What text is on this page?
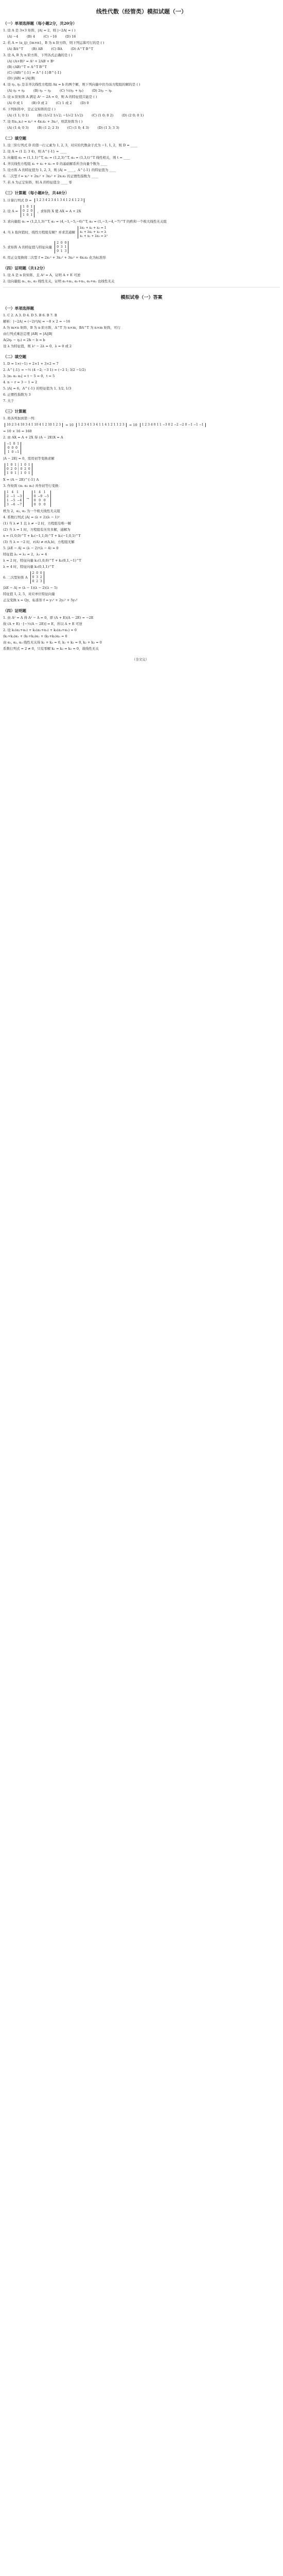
线性代数（经管类）模拟试题（一）
（一）单项选择题（每小题2分，共20分）
1. 设 A 是 3×3 矩阵，|A| = 2，则 |−2A| = ( )
(A) −4        (B) 4        (C) −16        (D) 16
2. 若 A = (a_ij)_{m×n}，B 为 n 阶方阵，则下列运算可行的是 ( )
(A) BA^T        (B) AB        (C) BA        (D) A^T B^T
3. 设 A, B 为 n 阶方阵，下列各式正确的是 ( )
(A) (A+B)² = A² + 2AB + B²
(B) (AB)^T = A^T B^T
(C) (AB)^{-1} = A^{-1}B^{-1}
(D) |AB| = |A||B|
4. 设 η₁, η₂ 是非齐次线性方程组 Ax = b 的两个解，则下列向量中仍为该方程组的解的是 ( )
(A) η₁ + η₂        (B) η₁ − η₂        (C) ½(η₁ + η₂)        (D) 2η₁ − η₂
5. 设 n 阶矩阵 A 满足 A² − 2A = 0，则 A 的特征值只能是 ( )
(A) 0 或 1        (B) 0 或 2        (C) 1 或 2        (D) 0
6. 下列矩阵中，是正交矩阵的是 ( )
(A) (1 1; 0 1)        (B) (1/√2 1/√2; −1/√2 1/√2)        (C) (1 0; 0 2)        (D) (2 0; 0 1)
7. 设 f(x₁,x₂) = x₁² + 4x₁x₂ + 3x₂²，则其矩阵为 ( )
(A) (1 4; 0 3)        (B) (1 2; 2 3)        (C) (1 0; 4 3)        (D) (1 3; 3 3)
（二）填空题
1. 设三阶行列式 D 的第一行元素为 1, 2, 3，对应的代数余子式为 −1, 1, 2，则 D = ____
2. 设 A = (1 2; 3 4)，则 A^{-1} = ____
3. 向量组 α₁ = (1,1,1)^T, α₂ = (1,2,3)^T, α₃ = (1,3,t)^T 线性相关，则 t = ____
4. 齐次线性方程组 x₁ + x₂ + x₃ = 0 的基础解系所含向量个数为 ____
5. 设方阵 A 的特征值为 1, 2, 3，则 |A| = ____，A^{-1} 的特征值为 ____
6. 二次型 f = x₁² + 2x₂² + 3x₃² + 2x₁x₂ 的正惯性指数为 ____
7. 若 A 为正定矩阵，则 A 的特征值全 ____ 零
（三）计算题（每小题8分，共48分）
1. 计算行列式 D = 1 2 3 4 2 3 4 1 3 4 1 2 4 1 2 3
2. 设 A =
1  0  1
0  2  0
1  0  1
，求矩阵 X 使 AX = A + 2X
3. 求向量组 α₁ = (1,2,1,3)^T, α₂ = (4,−1,−5,−6)^T, α₃ = (1,−3,−4,−7)^T 的秩和一个极大线性无关组
4. 当 λ 取何值时，线性方程组有解？并求其通解
λx₁ + x₂ + x₃ = 1
x₁ + λx₂ + x₃ = λ
x₁ + x₂ + λx₃ = λ²
5. 求矩阵 A 的特征值与特征向量
2  0  0
0  3  1
0  1  3
6. 用正交变换将二次型 f = 2x₁² + 3x₂² + 3x₃² + 4x₂x₃ 化为标准形
（四）证明题（共12分）
1. 设 A 是 n 阶矩阵，且 A² = A，证明 A + E 可逆
2. 设向量组 α₁, α₂, α₃ 线性无关，证明 α₁+α₂, α₂+α₃, α₃+α₁ 也线性无关
模拟试卷（一）答案
（一）单项选择题
1. C 2. A 3. D 4. D 5. B 6. B 7. B
解析：|−2A| = (−2)³|A| = −8 × 2 = −16
A 为 m×n 矩阵，B 为 n 阶方阵，A^T 为 n×m，BA^T 为 n×m 矩阵，可行
由行列式乘法定理 |AB| = |A||B|
A(2η₁ − η₂) = 2b − b = b
设 λ 为特征值，则 λ² − 2λ = 0，λ = 0 或 2
（二）填空题
1. D = 1×(−1) + 2×1 + 3×2 = 7
2. A^{-1} = −½ (4 −2; −3 1) = (−2 1; 3/2 −1/2)
3. |α₁ α₂ α₃| = t − 5 = 0，t = 5
4. n − r = 3 − 1 = 2
5. |A| = 6，A^{-1} 的特征值为 1, 1/2, 1/3
6. 正惯性指数为 3
7. 大于
（三）计算题
1. 将各列加到第一列：
10 2 3 4 10 3 4 1 10 4 1 2 10 1 2 3 = 10 1 2 3 4 1 3 4 1 1 4 1 2 1 1 2 3 = 10 1 2 3 4 0 1 1 −3 0 2 −2 −2 0 −1 −1 −1
= 10 × 16 = 160
2. 由 AX = A + 2X 得 (A − 2E)X = A
−1  0  1
0  0  0
1  0 −1
|A − 2E| = 0，需用初等变换求解
1  0  1 │ 1  0  1
0  2  0 │ 0  2  0
1  0  1 │ 1  0  1
X = (A − 2E)^{-1} A
3. 作矩阵 (α₁ α₂ α₃) 并作初等行变换：
1   4   1
2  −1  −3
1  −5  −4
3  −6  −7
→
1   4   1
0  −9  −5
0   0   0
0   0   0
秩为 2，α₁, α₂ 为一个极大线性无关组
4. 系数行列式 |A| = (λ + 2)(λ − 1)²
(1) 当 λ ≠ 1 且 λ ≠ −2 时，方程组有唯一解
(2) 当 λ = 1 时，方程组有无穷多解，通解为
x = (1,0,0)^T + k₁(−1,1,0)^T + k₂(−1,0,1)^T
(3) 当 λ = −2 时，r(A) ≠ r(A,b)，方程组无解
5. |λE − A| = (λ − 2)²(λ − 4) = 0
特征值 λ₁ = λ₂ = 2，λ₃ = 4
λ = 2 时，特征向量 k₁(1,0,0)^T + k₂(0,1,−1)^T
λ = 4 时，特征向量 k₃(0,1,1)^T
6. 二次型矩阵 A
2  0  0
0  3  2
0  2  3
|λE − A| = (λ − 1)(λ − 2)(λ − 5)
特征值 1, 2, 5，对应单位特征向量
正交变换 x = Qy，标准形 f = y₁² + 2y₂² + 5y₃²
（四）证明题
1. 由 A² = A 得 A² − A = 0，即 (A + E)(A − 2E) = −2E
故 (A + E) · [−½(A − 2E)] = E，所以 A + E 可逆
2. 设 k₁(α₁+α₂) + k₂(α₂+α₃) + k₃(α₃+α₁) = 0
(k₁+k₃)α₁ + (k₁+k₂)α₂ + (k₂+k₃)α₃ = 0
由 α₁, α₂, α₃ 线性无关得 k₁ + k₃ = 0, k₁ + k₂ = 0, k₂ + k₃ = 0
系数行列式 = 2 ≠ 0，只有零解 k₁ = k₂ = k₃ = 0，故线性无关
（全文完）
